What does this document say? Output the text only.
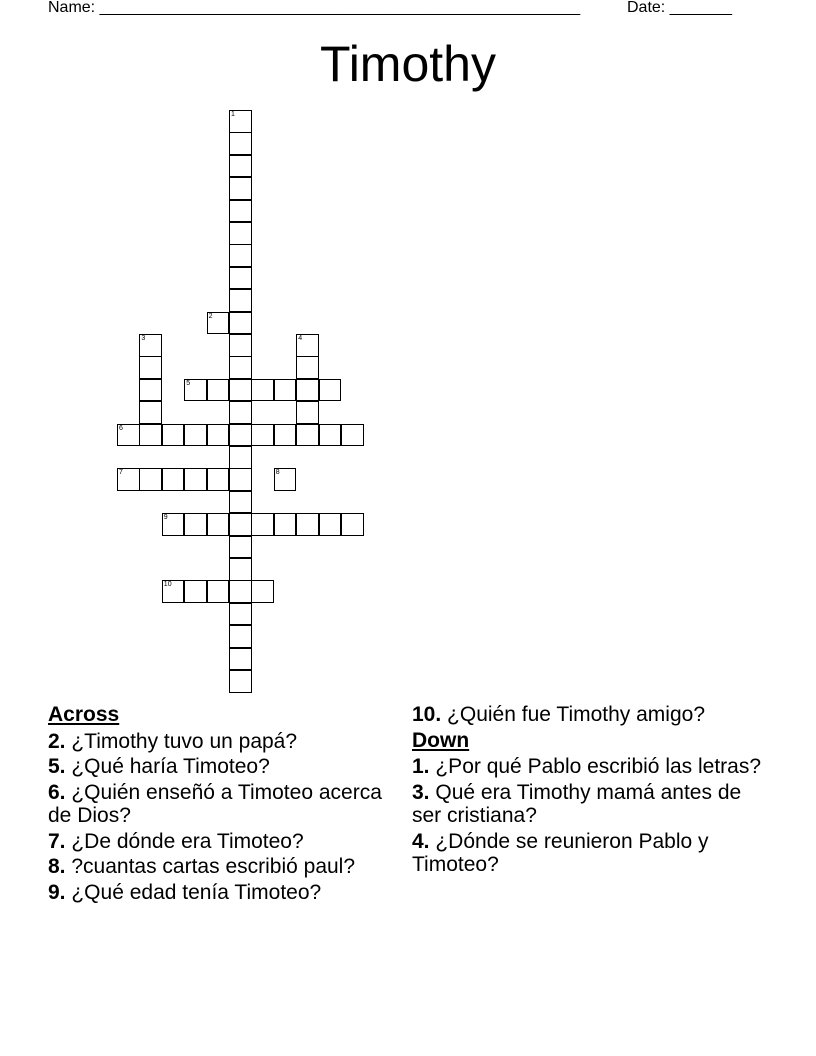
Name: ______________________________________________________	Date: _______
Timothy
1
2
3	4
5
6
7	8
9
10
Across
2. ¿Timothy tuvo un papá?
5. ¿Qué haría Timoteo?
6. ¿Quién enseñó a Timoteo acerca de Dios?
7. ¿De dónde era Timoteo?
8. ?cuantas cartas escribió paul?
9. ¿Qué edad tenía Timoteo?
10. ¿Quién fue Timothy amigo?
Down
1. ¿Por qué Pablo escribió las letras?
3. Qué era Timothy mamá antes de ser cristiana?
4. ¿Dónde se reunieron Pablo y Timoteo?
